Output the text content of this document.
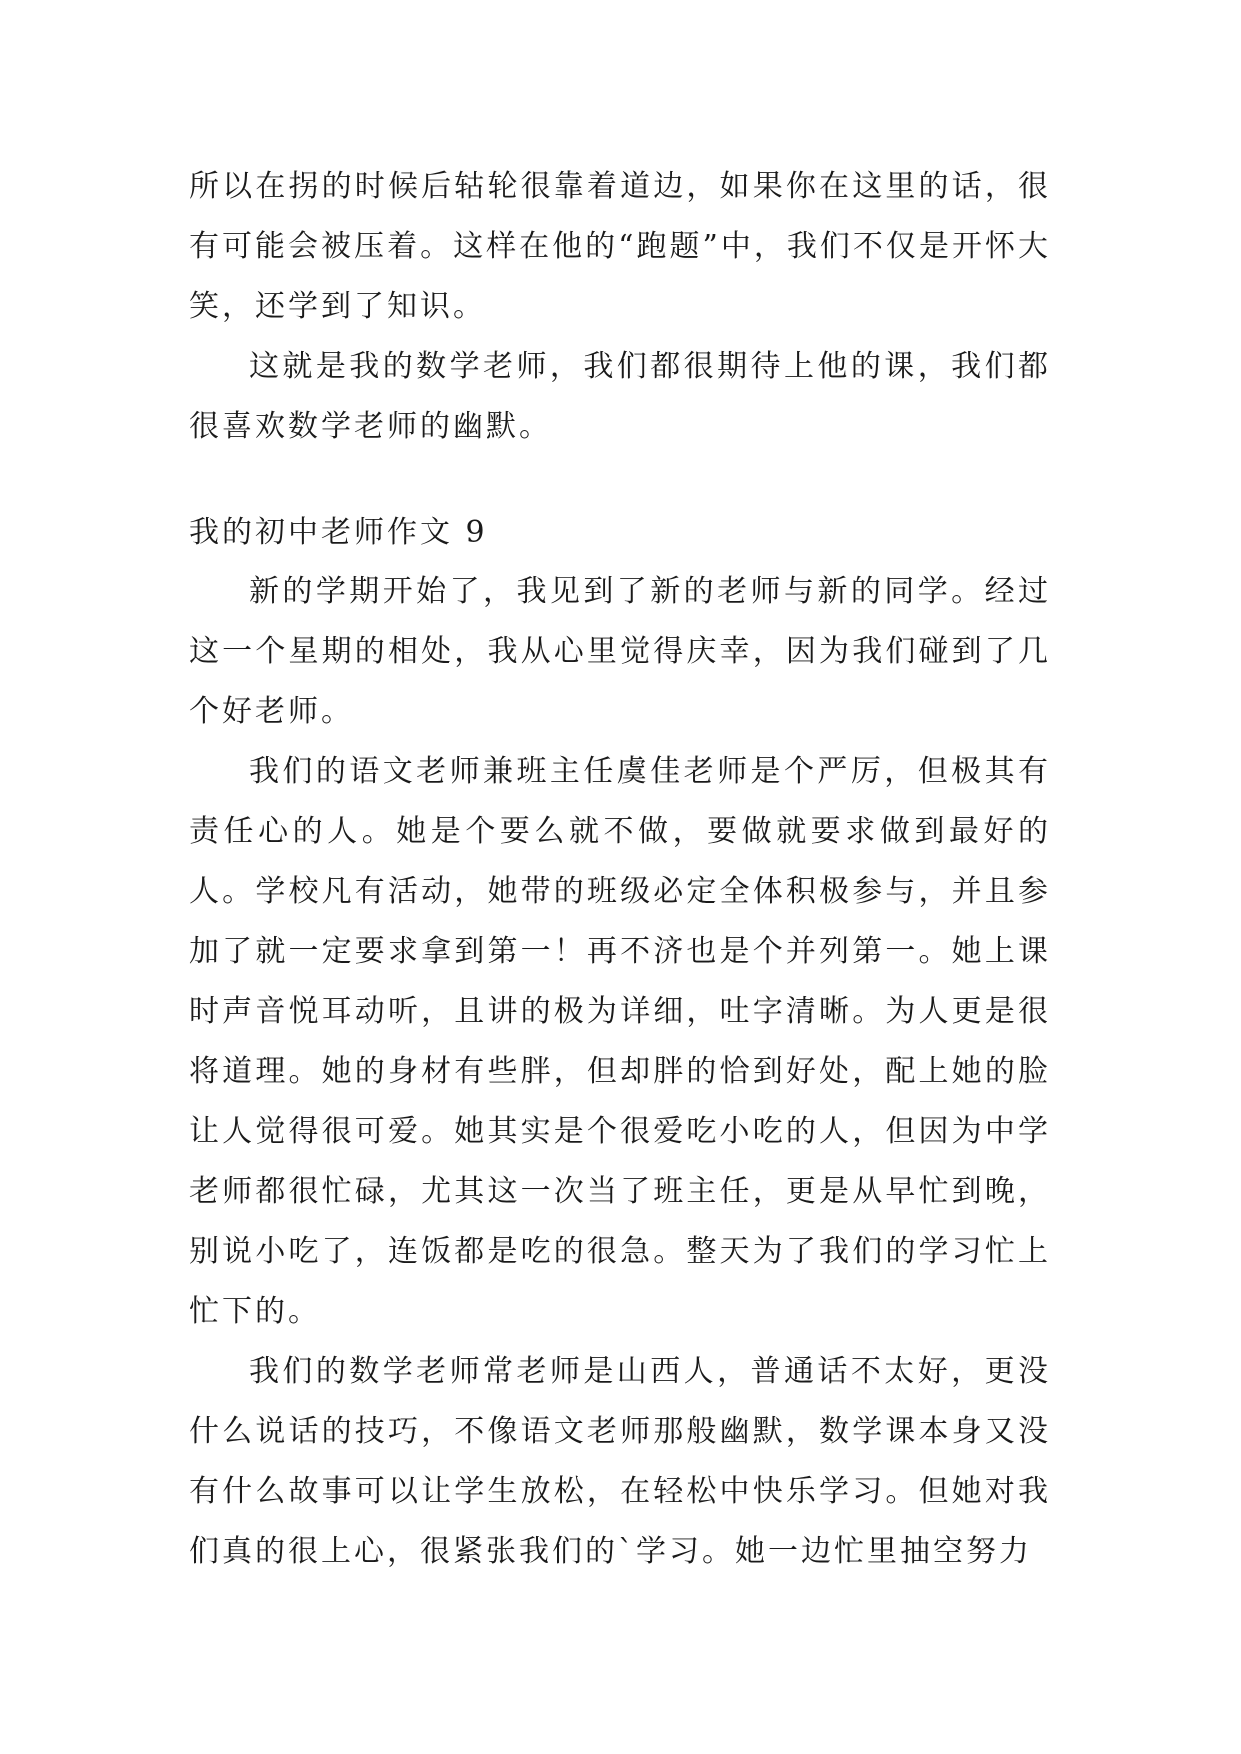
所以在拐的时候后轱轮很靠着道边，如果你在这里的话，很有可能会被压着。这样在他的“跑题”中，我们不仅是开怀大笑，还学到了知识。

这就是我的数学老师，我们都很期待上他的课，我们都很喜欢数学老师的幽默。

我的初中老师作文 9

新的学期开始了，我见到了新的老师与新的同学。经过这一个星期的相处，我从心里觉得庆幸，因为我们碰到了几个好老师。

我们的语文老师兼班主任虞佳老师是个严厉，但极其有责任心的人。她是个要么就不做，要做就要求做到最好的人。学校凡有活动，她带的班级必定全体积极参与，并且参加了就一定要求拿到第一！再不济也是个并列第一。她上课时声音悦耳动听，且讲的极为详细，吐字清晰。为人更是很将道理。她的身材有些胖，但却胖的恰到好处，配上她的脸让人觉得很可爱。她其实是个很爱吃小吃的人，但因为中学老师都很忙碌，尤其这一次当了班主任，更是从早忙到晚，别说小吃了，连饭都是吃的很急。整天为了我们的学习忙上忙下的。

我们的数学老师常老师是山西人，普通话不太好，更没什么说话的技巧，不像语文老师那般幽默，数学课本身又没有什么故事可以让学生放松，在轻松中快乐学习。但她对我们真的很上心，很紧张我们的`学习。她一边忙里抽空努力
